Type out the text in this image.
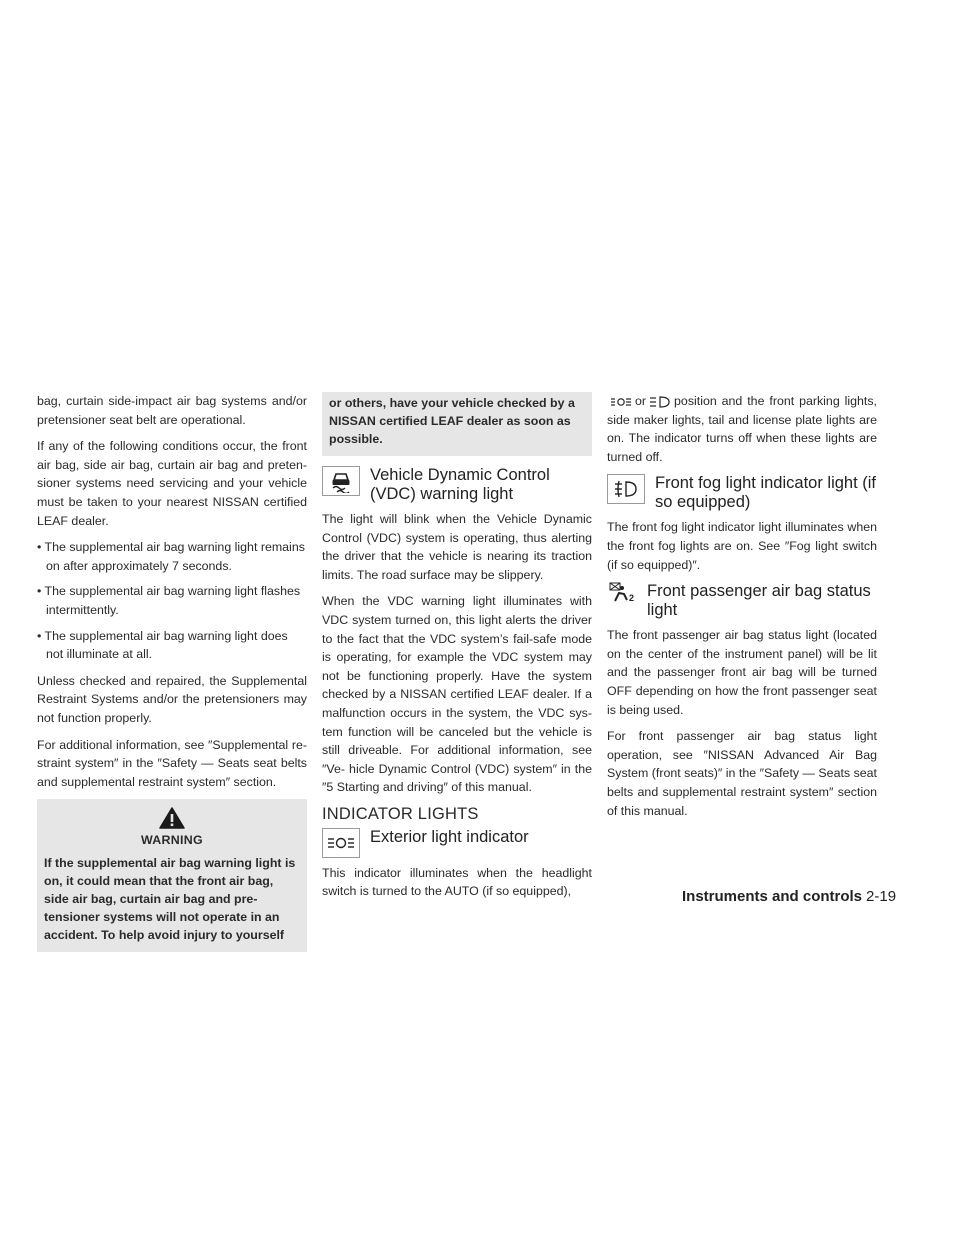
bag, curtain side-impact air bag systems and/or pretensioner seat belt are operational.

If any of the following conditions occur, the front air bag, side air bag, curtain air bag and preten- sioner systems need servicing and your vehicle must be taken to your nearest NISSAN certified LEAF dealer.

• The supplemental air bag warning light remains on after approximately 7 seconds.
• The supplemental air bag warning light flashes intermittently.
• The supplemental air bag warning light does not illuminate at all.

Unless checked and repaired, the Supplemental Restraint Systems and/or the pretensioners may not function properly.

For additional information, see ″Supplemental re- straint system″ in the ″Safety — Seats seat belts and supplemental restraint system″ section.

WARNING
If the supplemental air bag warning light is on, it could mean that the front air bag, side air bag, curtain air bag and pre- tensioner systems will not operate in an accident. To help avoid injury to yourself
or others, have your vehicle checked by a NISSAN certified LEAF dealer as soon as possible.
Vehicle Dynamic Control (VDC) warning light

The light will blink when the Vehicle Dynamic Control (VDC) system is operating, thus alerting the driver that the vehicle is nearing its traction limits. The road surface may be slippery.

When the VDC warning light illuminates with VDC system turned on, this light alerts the driver to the fact that the VDC system’s fail-safe mode is operating, for example the VDC system may not be functioning properly. Have the system checked by a NISSAN certified LEAF dealer. If a malfunction occurs in the system, the VDC sys- tem function will be canceled but the vehicle is still driveable. For additional information, see ″Ve- hicle Dynamic Control (VDC) system″ in the ″5 Starting and driving″ of this manual.

INDICATOR LIGHTS
Exterior light indicator

This indicator illuminates when the headlight switch is turned to the AUTO (if so equipped),

or position and the front parking lights, side maker lights, tail and license plate lights are on. The indicator turns off when these lights are turned off.

Front fog light indicator light (if so equipped)

The front fog light indicator light illuminates when the front fog lights are on. See ″Fog light switch (if so equipped)″.

2 Front passenger air bag status light

The front passenger air bag status light (located on the center of the instrument panel) will be lit and the passenger front air bag will be turned OFF depending on how the front passenger seat is being used.

For front passenger air bag status light operation, see ″NISSAN Advanced Air Bag System (front seats)″ in the ″Safety — Seats seat belts and supplemental restraint system″ section of this manual.

Instruments and controls 2-19
